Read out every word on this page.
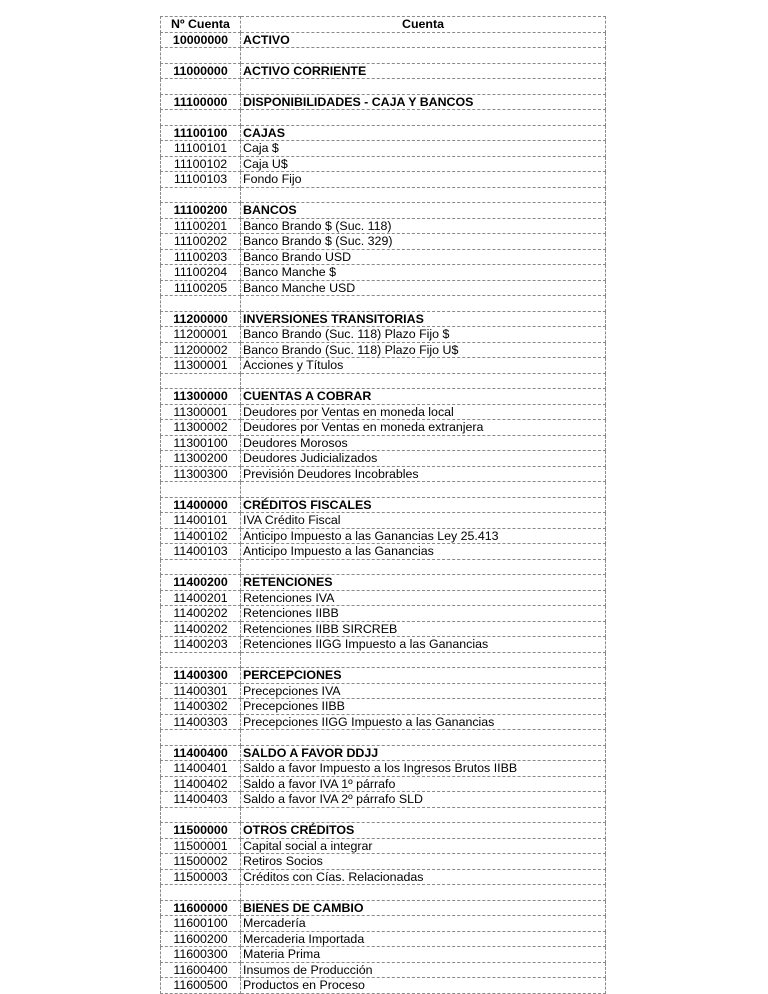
Nº Cuenta	Cuenta
10000000	ACTIVO

11000000	ACTIVO CORRIENTE

11100000	DISPONIBILIDADES - CAJA Y BANCOS

11100100	CAJAS
11100101	Caja $
11100102	Caja U$
11100103	Fondo Fijo

11100200	BANCOS
11100201	Banco Brando $ (Suc. 118)
11100202	Banco Brando $ (Suc. 329)
11100203	Banco Brando USD
11100204	Banco Manche $
11100205	Banco Manche USD

11200000	INVERSIONES TRANSITORIAS
11200001	Banco Brando (Suc. 118) Plazo Fijo $
11200002	Banco Brando (Suc. 118) Plazo Fijo U$
11300001	Acciones y Títulos

11300000	CUENTAS A COBRAR
11300001	Deudores por Ventas en moneda local
11300002	Deudores por Ventas en moneda extranjera
11300100	Deudores Morosos
11300200	Deudores Judicializados
11300300	Previsión Deudores Incobrables

11400000	CRÉDITOS FISCALES
11400101	IVA Crédito Fiscal
11400102	Anticipo Impuesto a las Ganancias Ley 25.413
11400103	Anticipo Impuesto a las Ganancias

11400200	RETENCIONES
11400201	Retenciones IVA
11400202	Retenciones IIBB
11400202	Retenciones IIBB SIRCREB
11400203	Retenciones IIGG Impuesto a las Ganancias

11400300	PERCEPCIONES
11400301	Precepciones IVA
11400302	Precepciones IIBB
11400303	Precepciones IIGG Impuesto a las Ganancias

11400400	SALDO A FAVOR DDJJ
11400401	Saldo a favor Impuesto a los Ingresos Brutos IIBB
11400402	Saldo a favor IVA 1º párrafo
11400403	Saldo a favor IVA 2º párrafo SLD

11500000	OTROS CRÉDITOS
11500001	Capital social a integrar
11500002	Retiros Socios
11500003	Créditos con Cías. Relacionadas

11600000	BIENES DE CAMBIO
11600100	Mercadería
11600200	Mercaderia Importada
11600300	Materia Prima
11600400	Insumos de Producción
11600500	Productos en Proceso
